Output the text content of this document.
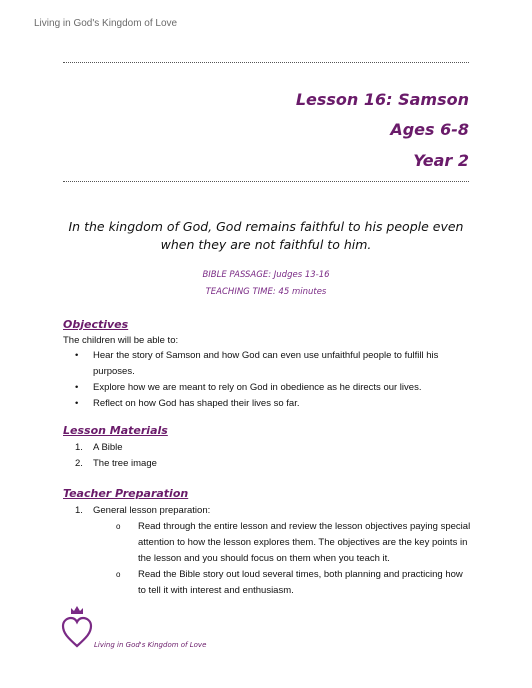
Living in God's Kingdom of Love
Lesson 16: Samson
Ages 6-8
Year 2
In the kingdom of God, God remains faithful to his people even when they are not faithful to him.
BIBLE PASSAGE: Judges 13-16
TEACHING TIME: 45 minutes
Objectives
The children will be able to:
• Hear the story of Samson and how God can even use unfaithful people to fulfill his purposes.
• Explore how we are meant to rely on God in obedience as he directs our lives.
• Reflect on how God has shaped their lives so far.
Lesson Materials
1. A Bible
2. The tree image
Teacher Preparation
1. General lesson preparation:
o Read through the entire lesson and review the lesson objectives paying special attention to how the lesson explores them. The objectives are the key points in the lesson and you should focus on them when you teach it.
o Read the Bible story out loud several times, both planning and practicing how to tell it with interest and enthusiasm.
Living in God's Kingdom of Love
